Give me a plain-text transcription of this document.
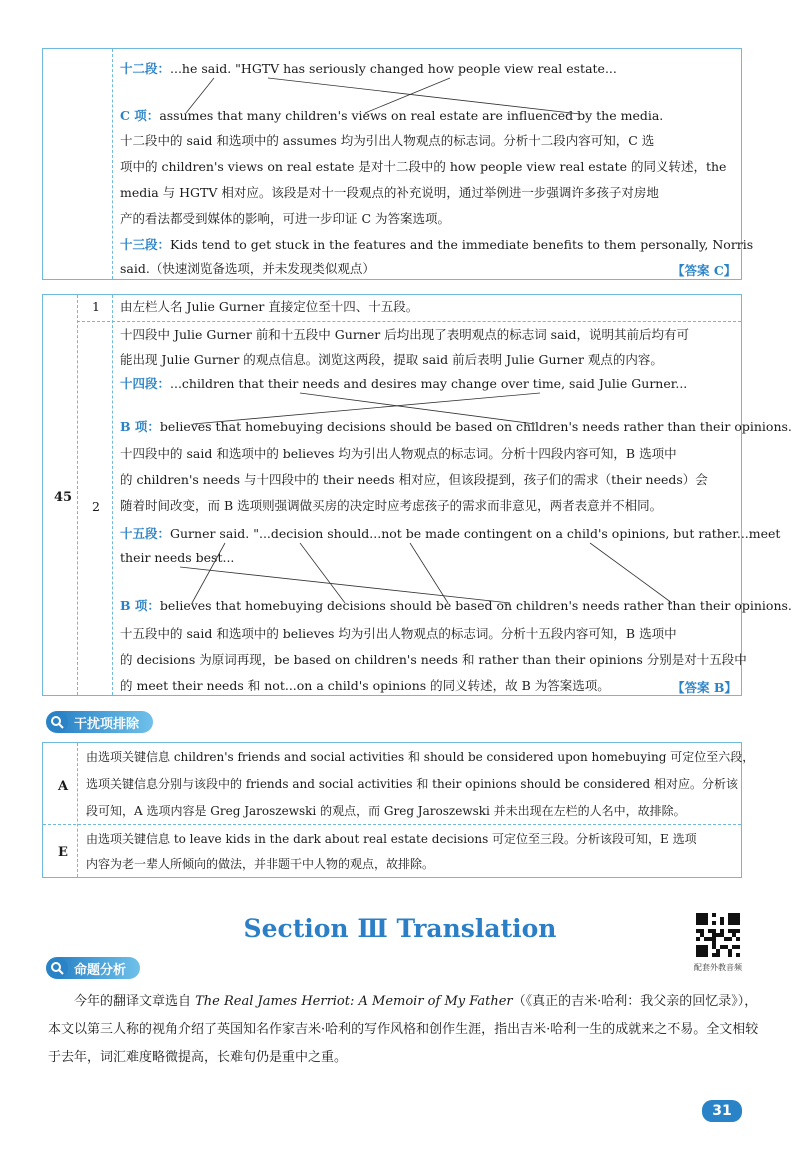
十二段：...he said. "HGTV has seriously changed how people view real estate...
C 项：assumes that many children's views on real estate are influenced by the media.
十二段中的 said 和选项中的 assumes 均为引出人物观点的标志词。分析十二段内容可知，C 选
项中的 children's views on real estate 是对十二段中的 how people view real estate 的同义转述，the
media 与 HGTV 相对应。该段是对十一段观点的补充说明，通过举例进一步强调许多孩子对房地
产的看法都受到媒体的影响，可进一步印证 C 为答案选项。
十三段：Kids tend to get stuck in the features and the immediate benefits to them personally, Norris
said.（快速浏览备选项，并未发现类似观点）	【答案 C】
45
1 由左栏人名 Julie Gurner 直接定位至十四、十五段。
2
十四段中 Julie Gurner 前和十五段中 Gurner 后均出现了表明观点的标志词 said，说明其前后均有可
能出现 Julie Gurner 的观点信息。浏览这两段，提取 said 前后表明 Julie Gurner 观点的内容。
十四段：...children that their needs and desires may change over time, said Julie Gurner...
B 项：believes that homebuying decisions should be based on children's needs rather than their opinions.
十四段中的 said 和选项中的 believes 均为引出人物观点的标志词。分析十四段内容可知，B 选项中
的 children's needs 与十四段中的 their needs 相对应，但该段提到，孩子们的需求（their needs）会
随着时间改变，而 B 选项则强调做买房的决定时应考虑孩子的需求而非意见，两者表意并不相同。
十五段：Gurner said. "...decision should...not be made contingent on a child's opinions, but rather...meet
their needs best...
B 项：believes that homebuying decisions should be based on children's needs rather than their opinions.
十五段中的 said 和选项中的 believes 均为引出人物观点的标志词。分析十五段内容可知，B 选项中
的 decisions 为原词再现，be based on children's needs 和 rather than their opinions 分别是对十五段中
的 meet their needs 和 not...on a child's opinions 的同义转述，故 B 为答案选项。	【答案 B】
干扰项排除
A
由选项关键信息 children's friends and social activities 和 should be considered upon homebuying 可定位至六段，
选项关键信息分别与该段中的 friends and social activities 和 their opinions should be considered 相对应。分析该
段可知，A 选项内容是 Greg Jaroszewski 的观点，而 Greg Jaroszewski 并未出现在左栏的人名中，故排除。
E
由选项关键信息 to leave kids in the dark about real estate decisions 可定位至三段。分析该段可知，E 选项
内容为老一辈人所倾向的做法，并非题干中人物的观点，故排除。
Section Ⅲ Translation
配套外教音频
命题分析
今年的翻译文章选自 The Real James Herriot: A Memoir of My Father（《真正的吉米·哈利：我父亲的回忆录》），本文以第三人称的视角介绍了英国知名作家吉米·哈利的写作风格和创作生涯，指出吉米·哈利一生的成就来之不易。全文相较于去年，词汇难度略微提高，长难句仍是重中之重。
31
